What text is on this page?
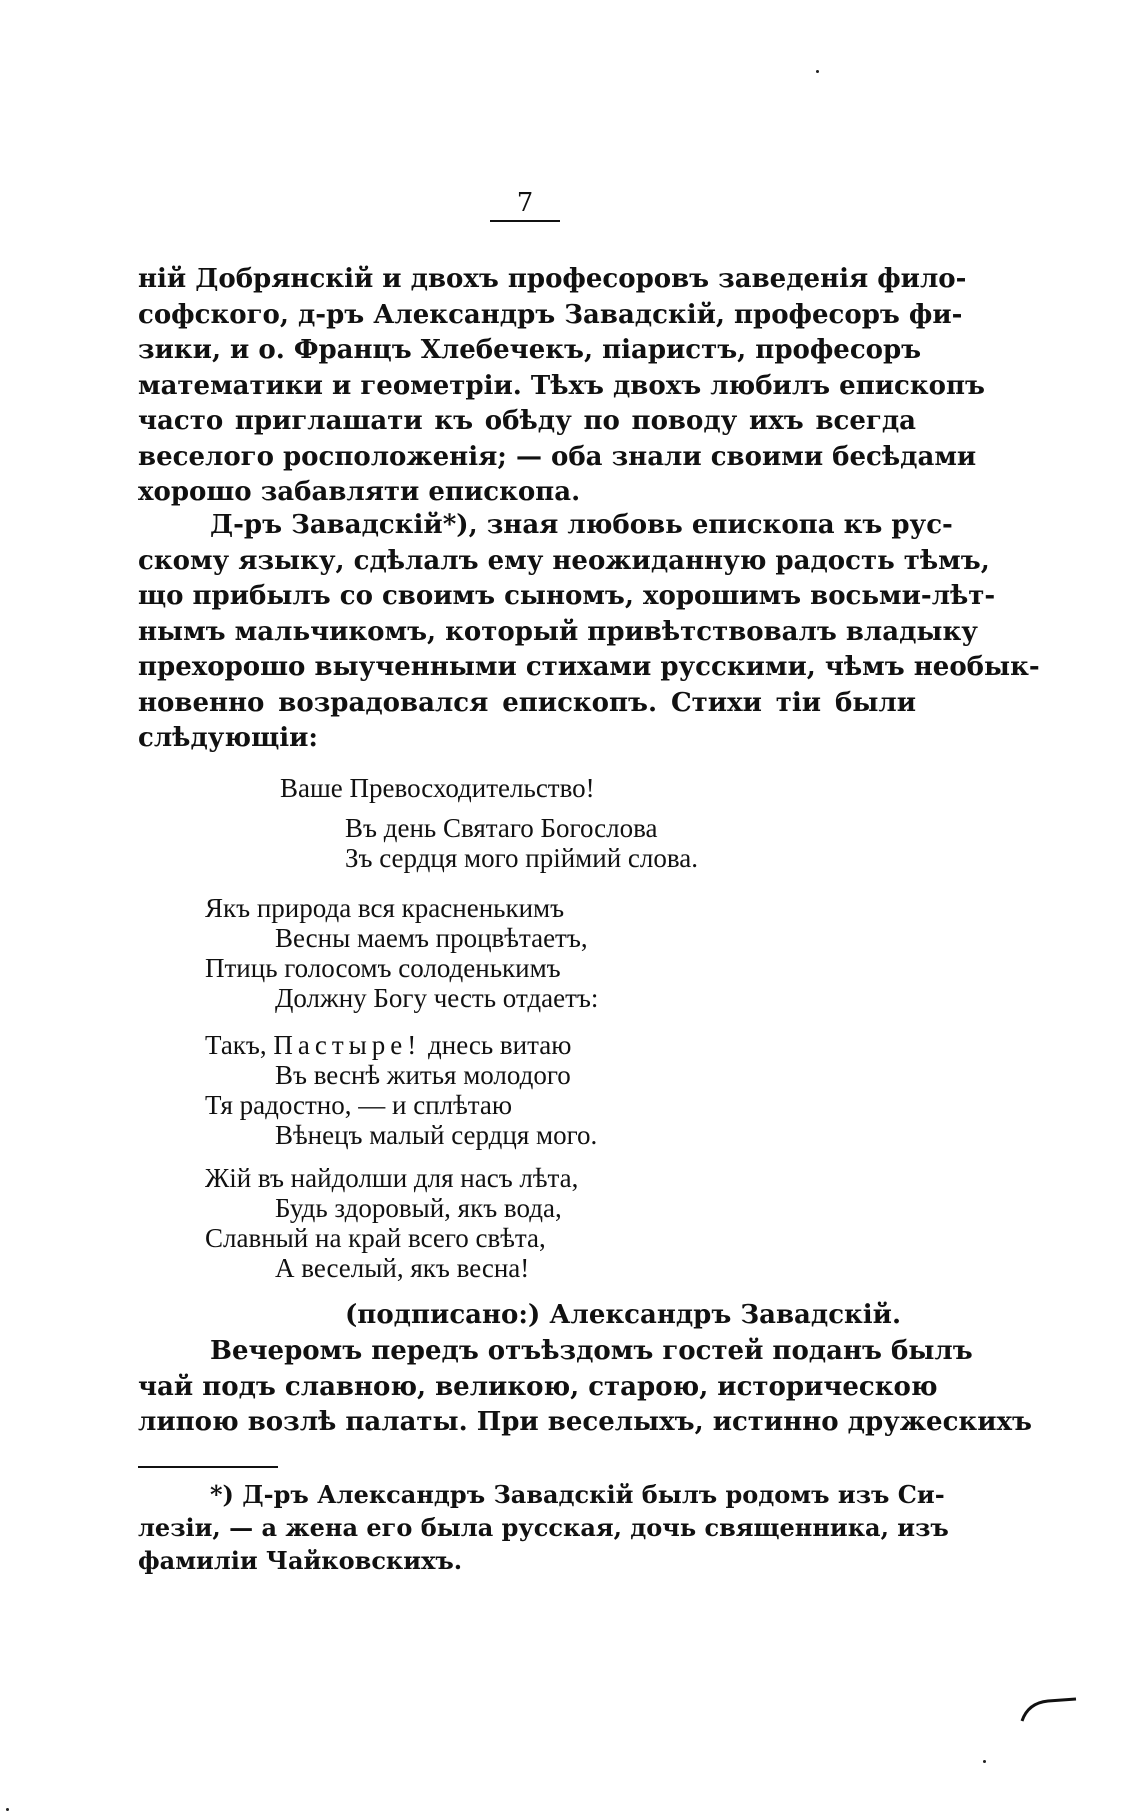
7
ній Добрянскій и двохъ професоровъ заведенія фило-
софского, д-ръ Александръ Завадскій, професоръ фи-
зики, и о. Францъ Хлебечекъ, піаристъ, професоръ
математики и геометріи. Тѣхъ двохъ любилъ епископъ
часто приглашати къ обѣду по поводу ихъ всегда
веселого росположенія; — оба знали своими бесѣдами
хорошо забавляти епископа.
Д-ръ Завадскій*), зная любовь епископа къ рус-
скому языку, сдѣлалъ ему неожиданную радость тѣмъ,
що прибылъ со своимъ сыномъ, хорошимъ восьми-лѣт-
нымъ мальчикомъ, который привѣтствовалъ владыку
прехорошо выученными стихами русскими, чѣмъ необык-
новенно возрадовался епископъ. Стихи тіи были
слѣдующіи:
Ваше Превосходительство!
Въ день Святаго Богослова
Зъ сердця мого пріймий слова.
Якъ природа вся красненькимъ
Весны маемъ процвѣтаетъ,
Птиць голосомъ солоденькимъ
Должну Богу честь отдаетъ:
Такъ, Пастыре! днесь витаю
Въ веснѣ житья молодого
Тя радостно, — и сплѣтаю
Вѣнецъ малый сердця мого.
Жій въ найдолши для насъ лѣта,
Будь здоровый, якъ вода,
Славный на край всего свѣта,
А веселый, якъ весна!
(подписано:) Александръ Завадскій.
Вечеромъ передъ отъѣздомъ гостей поданъ былъ
чай подъ славною, великою, старою, историческою
липою возлѣ палаты. При веселыхъ, истинно дружескихъ
*) Д-ръ Александръ Завадскій былъ родомъ изъ Си-
лезіи, — а жена его была русская, дочь священника, изъ
фамиліи Чайковскихъ.
